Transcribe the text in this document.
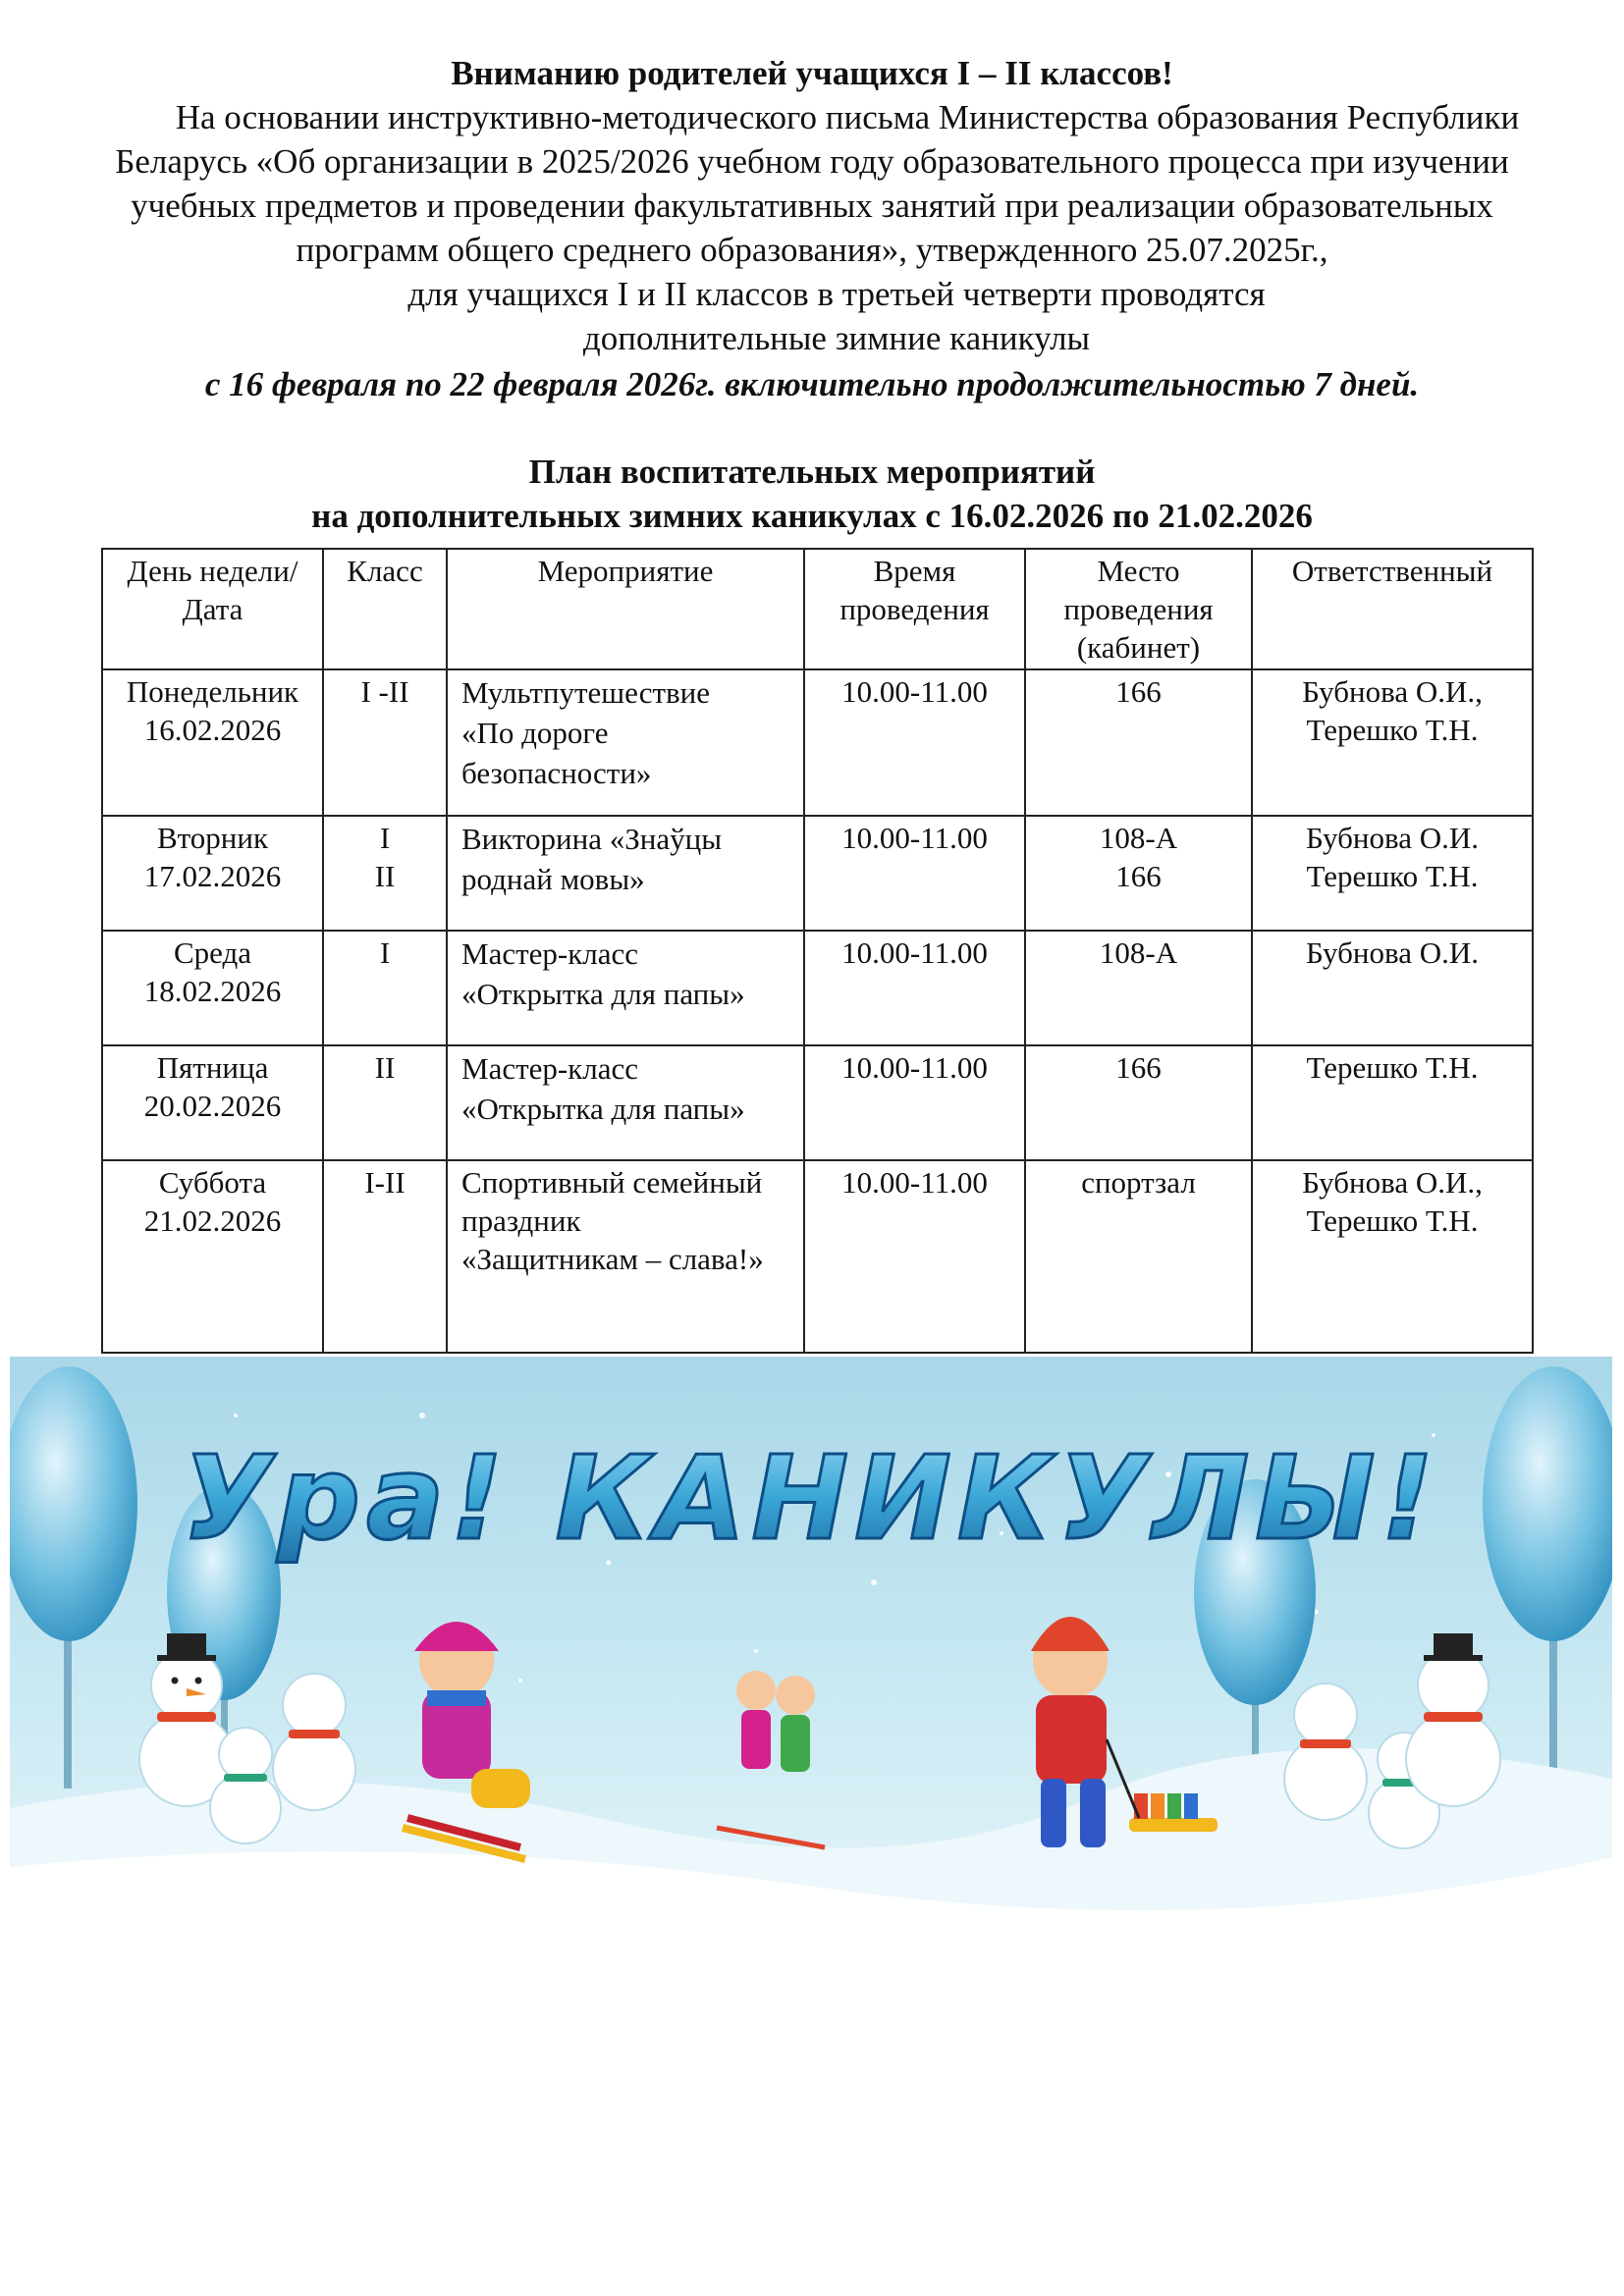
Вниманию родителей учащихся I – II классов!

На основании инструктивно-методического письма Министерства образования Республики

Беларусь «Об организации в 2025/2026 учебном году образовательного процесса при изучении

учебных предметов и проведении факультативных занятий при реализации образовательных

программ общего среднего образования», утвержденного 25.07.2025г.,

для учащихся I и II классов в третьей четверти проводятся

дополнительные зимние каникулы

с 16 февраля по 22 февраля 2026г. включительно продолжительностью 7 дней.

План воспитательных мероприятий

на дополнительных зимних каникулах с 16.02.2026 по 21.02.2026

День недели/
Дата	Класс	Мероприятие	Время
проведения	Место
проведения
(кабинет)	Ответственный
Понедельник
16.02.2026	I -II	Мультпутешествие
«По дороге
безопасности»	10.00-11.00	166	Бубнова О.И.,
Терешко Т.Н.
Вторник
17.02.2026	I
II	Викторина «Знаўцы
роднай мовы»	10.00-11.00	108-А
166	Бубнова О.И.
Терешко Т.Н.
Среда
18.02.2026	I	Мастер-класс
«Открытка для папы»	10.00-11.00	108-А	Бубнова О.И.
Пятница
20.02.2026	II	Мастер-класс
«Открытка для папы»	10.00-11.00	166	Терешко Т.Н.
Суббота
21.02.2026	I-II	Спортивный семейный
праздник
«Защитникам – слава!»	10.00-11.00	спортзал	Бубнова О.И.,
Терешко Т.Н.
Ура! КАНИКУЛЫ!
